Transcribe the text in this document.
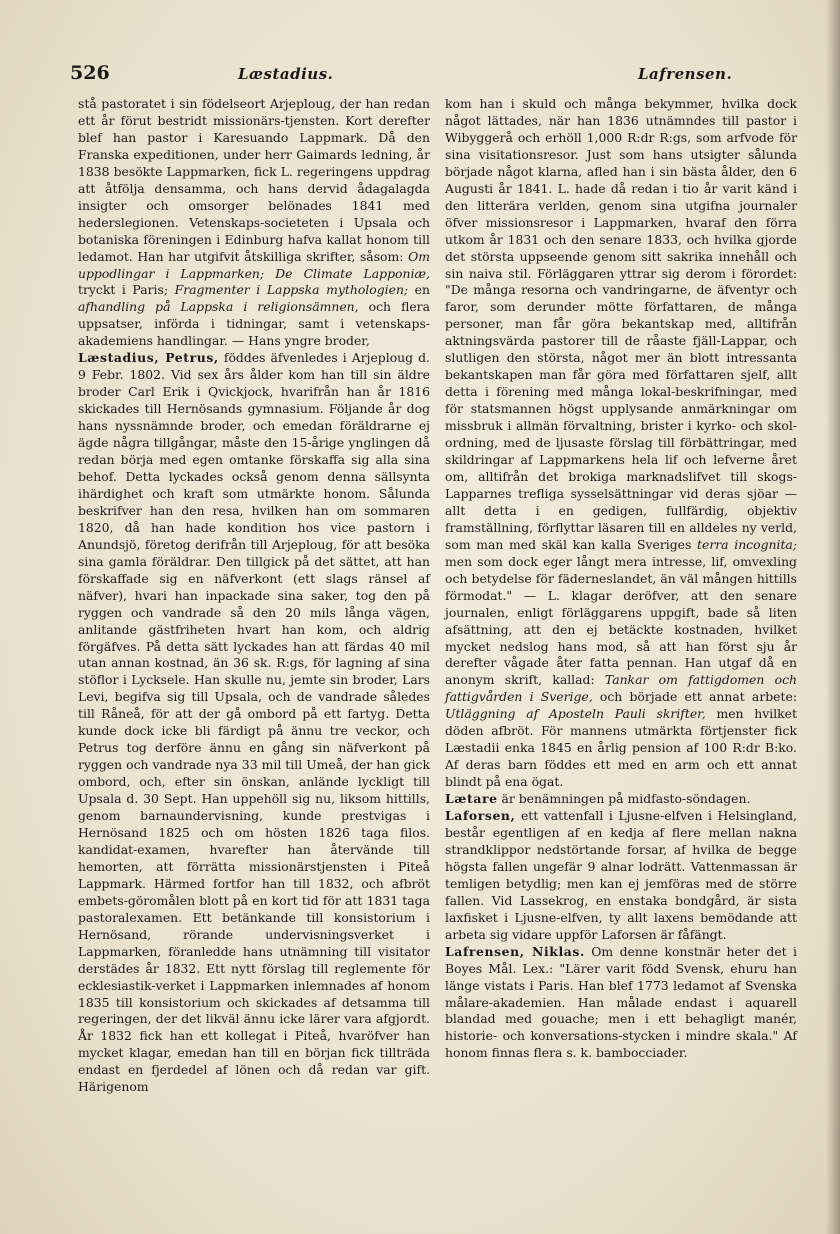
526	Læstadius.	Lafrensen.

stå pastoratet i sin födelseort Arjeploug, der han redan ett år förut bestridt missionärs-tjensten. Kort derefter blef han pastor i Karesuando Lappmark. Då den Franska expeditionen, under herr Gaimards ledning, år 1838 besökte Lappmarken, fick L. regeringens uppdrag att åtfölja densamma, och hans dervid ådagalagda insigter och omsorger belönades 1841 med hederslegionen. Vetenskaps-societeten i Upsala och botaniska föreningen i Edinburg hafva kallat honom till ledamot. Han har utgifvit åtskilliga skrifter, såsom: Om uppodlingar i Lappmarken; De Climate Lapponiæ, tryckt i Paris; Fragmenter i Lappska mythologien; en afhandling på Lappska i religionsämnen, och flera uppsatser, införda i tidningar, samt i vetenskaps-akademiens handlingar. — Hans yngre broder,

Læstadius, Petrus, föddes äfvenledes i Arjeploug d. 9 Febr. 1802. Vid sex års ålder kom han till sin äldre broder Carl Erik i Qvickjock, hvarifrån han år 1816 skickades till Hernösands gymnasium. Följande år dog hans nyssnämnde broder, och emedan föräldrarne ej ägde några tillgångar, måste den 15-årige ynglingen då redan börja med egen omtanke förskaffa sig alla sina behof. Detta lyckades också genom denna sällsynta ihärdighet och kraft som utmärkte honom. Sålunda beskrifver han den resa, hvilken han om sommaren 1820, då han hade kondition hos vice pastorn i Anundsjö, företog derifrån till Arjeploug, för att besöka sina gamla föräldrar. Den tillgick på det sättet, att han förskaffade sig en näfverkont (ett slags ränsel af näfver), hvari han inpackade sina saker, tog den på ryggen och vandrade så den 20 mils långa vägen, anlitande gästfriheten hvart han kom, och aldrig förgäfves. På detta sätt lyckades han att färdas 40 mil utan annan kostnad, än 36 sk. R:gs, för lagning af sina stöflor i Lycksele. Han skulle nu, jemte sin broder, Lars Levi, begifva sig till Upsala, och de vandrade således till Råneå, för att der gå ombord på ett fartyg. Detta kunde dock icke bli färdigt på ännu tre veckor, och Petrus tog derföre ännu en gång sin näfverkont på ryggen och vandrade nya 33 mil till Umeå, der han gick ombord, och, efter sin önskan, anlände lyckligt till Upsala d. 30 Sept. Han uppehöll sig nu, liksom hittills, genom barnaundervisning, kunde prestvigas i Hernösand 1825 och om hösten 1826 taga filos. kandidat-examen, hvarefter han återvände till hemorten, att förrätta missionärstjensten i Piteå Lappmark. Härmed fortfor han till 1832, och afbröt embets-göromålen blott på en kort tid för att 1831 taga pastoralexamen. Ett betänkande till konsistorium i Hernösand, rörande undervisningsverket i Lappmarken, föranledde hans utnämning till visitator derstädes år 1832. Ett nytt förslag till reglemente för ecklesiastik-verket i Lappmarken inlemnades af honom 1835 till konsistorium och skickades af detsamma till regeringen, der det likväl ännu icke lärer vara afgjordt. År 1832 fick han ett kollegat i Piteå, hvaröfver han mycket klagar, emedan han till en början fick tillträda endast en fjerdedel af lönen och då redan var gift. Härigenom

kom han i skuld och många bekymmer, hvilka dock något lättades, när han 1836 utnämndes till pastor i Wibyggerå och erhöll 1,000 R:dr R:gs, som arfvode för sina visitationsresor. Just som hans utsigter sålunda började något klarna, afled han i sin bästa ålder, den 6 Augusti år 1841. L. hade då redan i tio år varit känd i den litterära verlden, genom sina utgifna journaler öfver missionsresor i Lappmarken, hvaraf den förra utkom år 1831 och den senare 1833, och hvilka gjorde det största uppseende genom sitt sakrika innehåll och sin naiva stil. Förläggaren yttrar sig derom i förordet: "De många resorna och vandringarne, de äfventyr och faror, som derunder mötte författaren, de många personer, man får göra bekantskap med, alltifrån aktningsvärda pastorer till de råaste fjäll-Lappar, och slutligen den största, något mer än blott intressanta bekantskapen man får göra med författaren sjelf, allt detta i förening med många lokal-beskrifningar, med för statsmannen högst upplysande anmärkningar om missbruk i allmän förvaltning, brister i kyrko- och skol-ordning, med de ljusaste förslag till förbättringar, med skildringar af Lappmarkens hela lif och lefverne året om, alltifrån det brokiga marknadslifvet till skogs-Lapparnes trefliga sysselsättningar vid deras sjöar — allt detta i en gedigen, fullfärdig, objektiv framställning, förflyttar läsaren till en alldeles ny verld, som man med skäl kan kalla Sveriges terra incognita; men som dock eger långt mera intresse, lif, omvexling och betydelse för fäderneslandet, än väl mången hittills förmodat." — L. klagar deröfver, att den senare journalen, enligt förläggarens uppgift, bade så liten afsättning, att den ej betäckte kostnaden, hvilket mycket nedslog hans mod, så att han först sju år derefter vågade åter fatta pennan. Han utgaf då en anonym skrift, kallad: Tankar om fattigdomen och fattigvården i Sverige, och började ett annat arbete: Utläggning af Aposteln Pauli skrifter, men hvilket döden afbröt. För mannens utmärkta förtjenster fick Læstadii enka 1845 en årlig pension af 100 R:dr B:ko. Af deras barn föddes ett med en arm och ett annat blindt på ena ögat.

Lætare är benämningen på midfasto-söndagen.

Laforsen, ett vattenfall i Ljusne-elfven i Helsingland, består egentligen af en kedja af flere mellan nakna strandklippor nedstörtande forsar, af hvilka de begge högsta fallen ungefär 9 alnar lodrätt. Vattenmassan är temligen betydlig; men kan ej jemföras med de större fallen. Vid Lassekrog, en enstaka bondgård, är sista laxfisket i Ljusne-elfven, ty allt laxens bemödande att arbeta sig vidare uppför Laforsen är fåfängt.

Lafrensen, Niklas. Om denne konstnär heter det i Boyes Mål. Lex.: "Lärer varit född Svensk, ehuru han länge vistats i Paris. Han blef 1773 ledamot af Svenska målare-akademien. Han målade endast i aquarell blandad med gouache; men i ett behagligt manér, historie- och konversations-stycken i mindre skala." Af honom finnas flera s. k. bambocciader.
